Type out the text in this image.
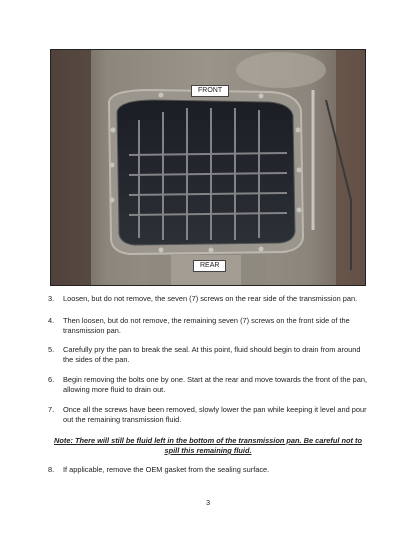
FRONT
REAR
3. Loosen, but do not remove, the seven (7) screws on the rear side of the transmission pan.
4. Then loosen, but do not remove, the remaining seven (7) screws on the front side of the transmission pan.
5. Carefully pry the pan to break the seal. At this point, fluid should begin to drain from around the sides of the pan.
6. Begin removing the bolts one by one. Start at the rear and move towards the front of the pan, allowing more fluid to drain out.
7. Once all the screws have been removed, slowly lower the pan while keeping it level and pour out the remaining transmission fluid.
Note: There will still be fluid left in the bottom of the transmission pan. Be careful not to spill this remaining fluid.
8. If applicable, remove the OEM gasket from the sealing surface.
3
